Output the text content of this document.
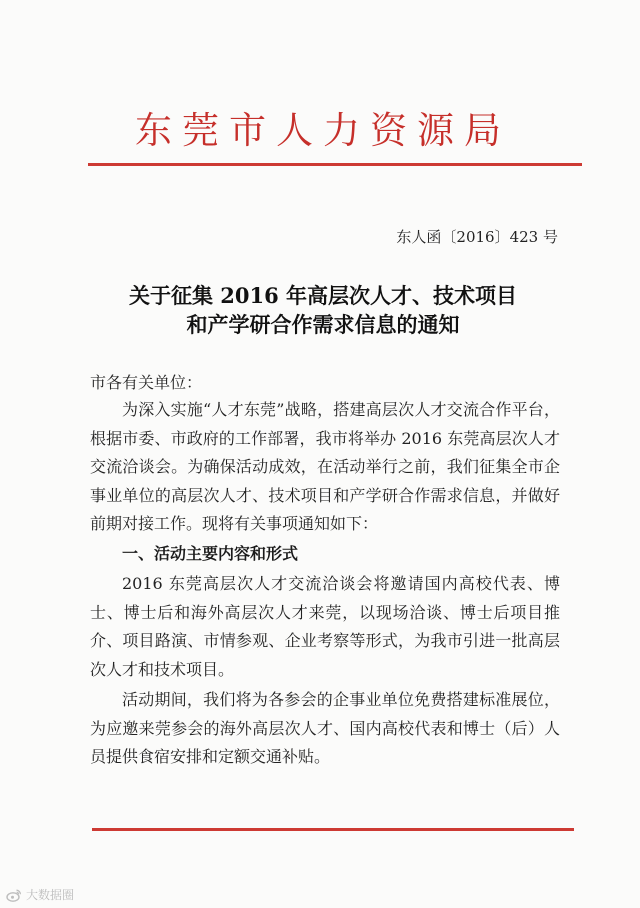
东莞市人力资源局
东人函〔2016〕423 号
关于征集 2016 年高层次人才、技术项目
和产学研合作需求信息的通知
市各有关单位：

为深入实施“人才东莞”战略，搭建高层次人才交流合作平台，根据市委、市政府的工作部署，我市将举办 2016 东莞高层次人才交流洽谈会。为确保活动成效，在活动举行之前，我们征集全市企事业单位的高层次人才、技术项目和产学研合作需求信息，并做好前期对接工作。现将有关事项通知如下：

一、活动主要内容和形式

2016 东莞高层次人才交流洽谈会将邀请国内高校代表、博士、博士后和海外高层次人才来莞，以现场洽谈、博士后项目推介、项目路演、市情参观、企业考察等形式，为我市引进一批高层次人才和技术项目。

活动期间，我们将为各参会的企事业单位免费搭建标准展位，为应邀来莞参会的海外高层次人才、国内高校代表和博士（后）人员提供食宿安排和定额交通补贴。

大数据圈
